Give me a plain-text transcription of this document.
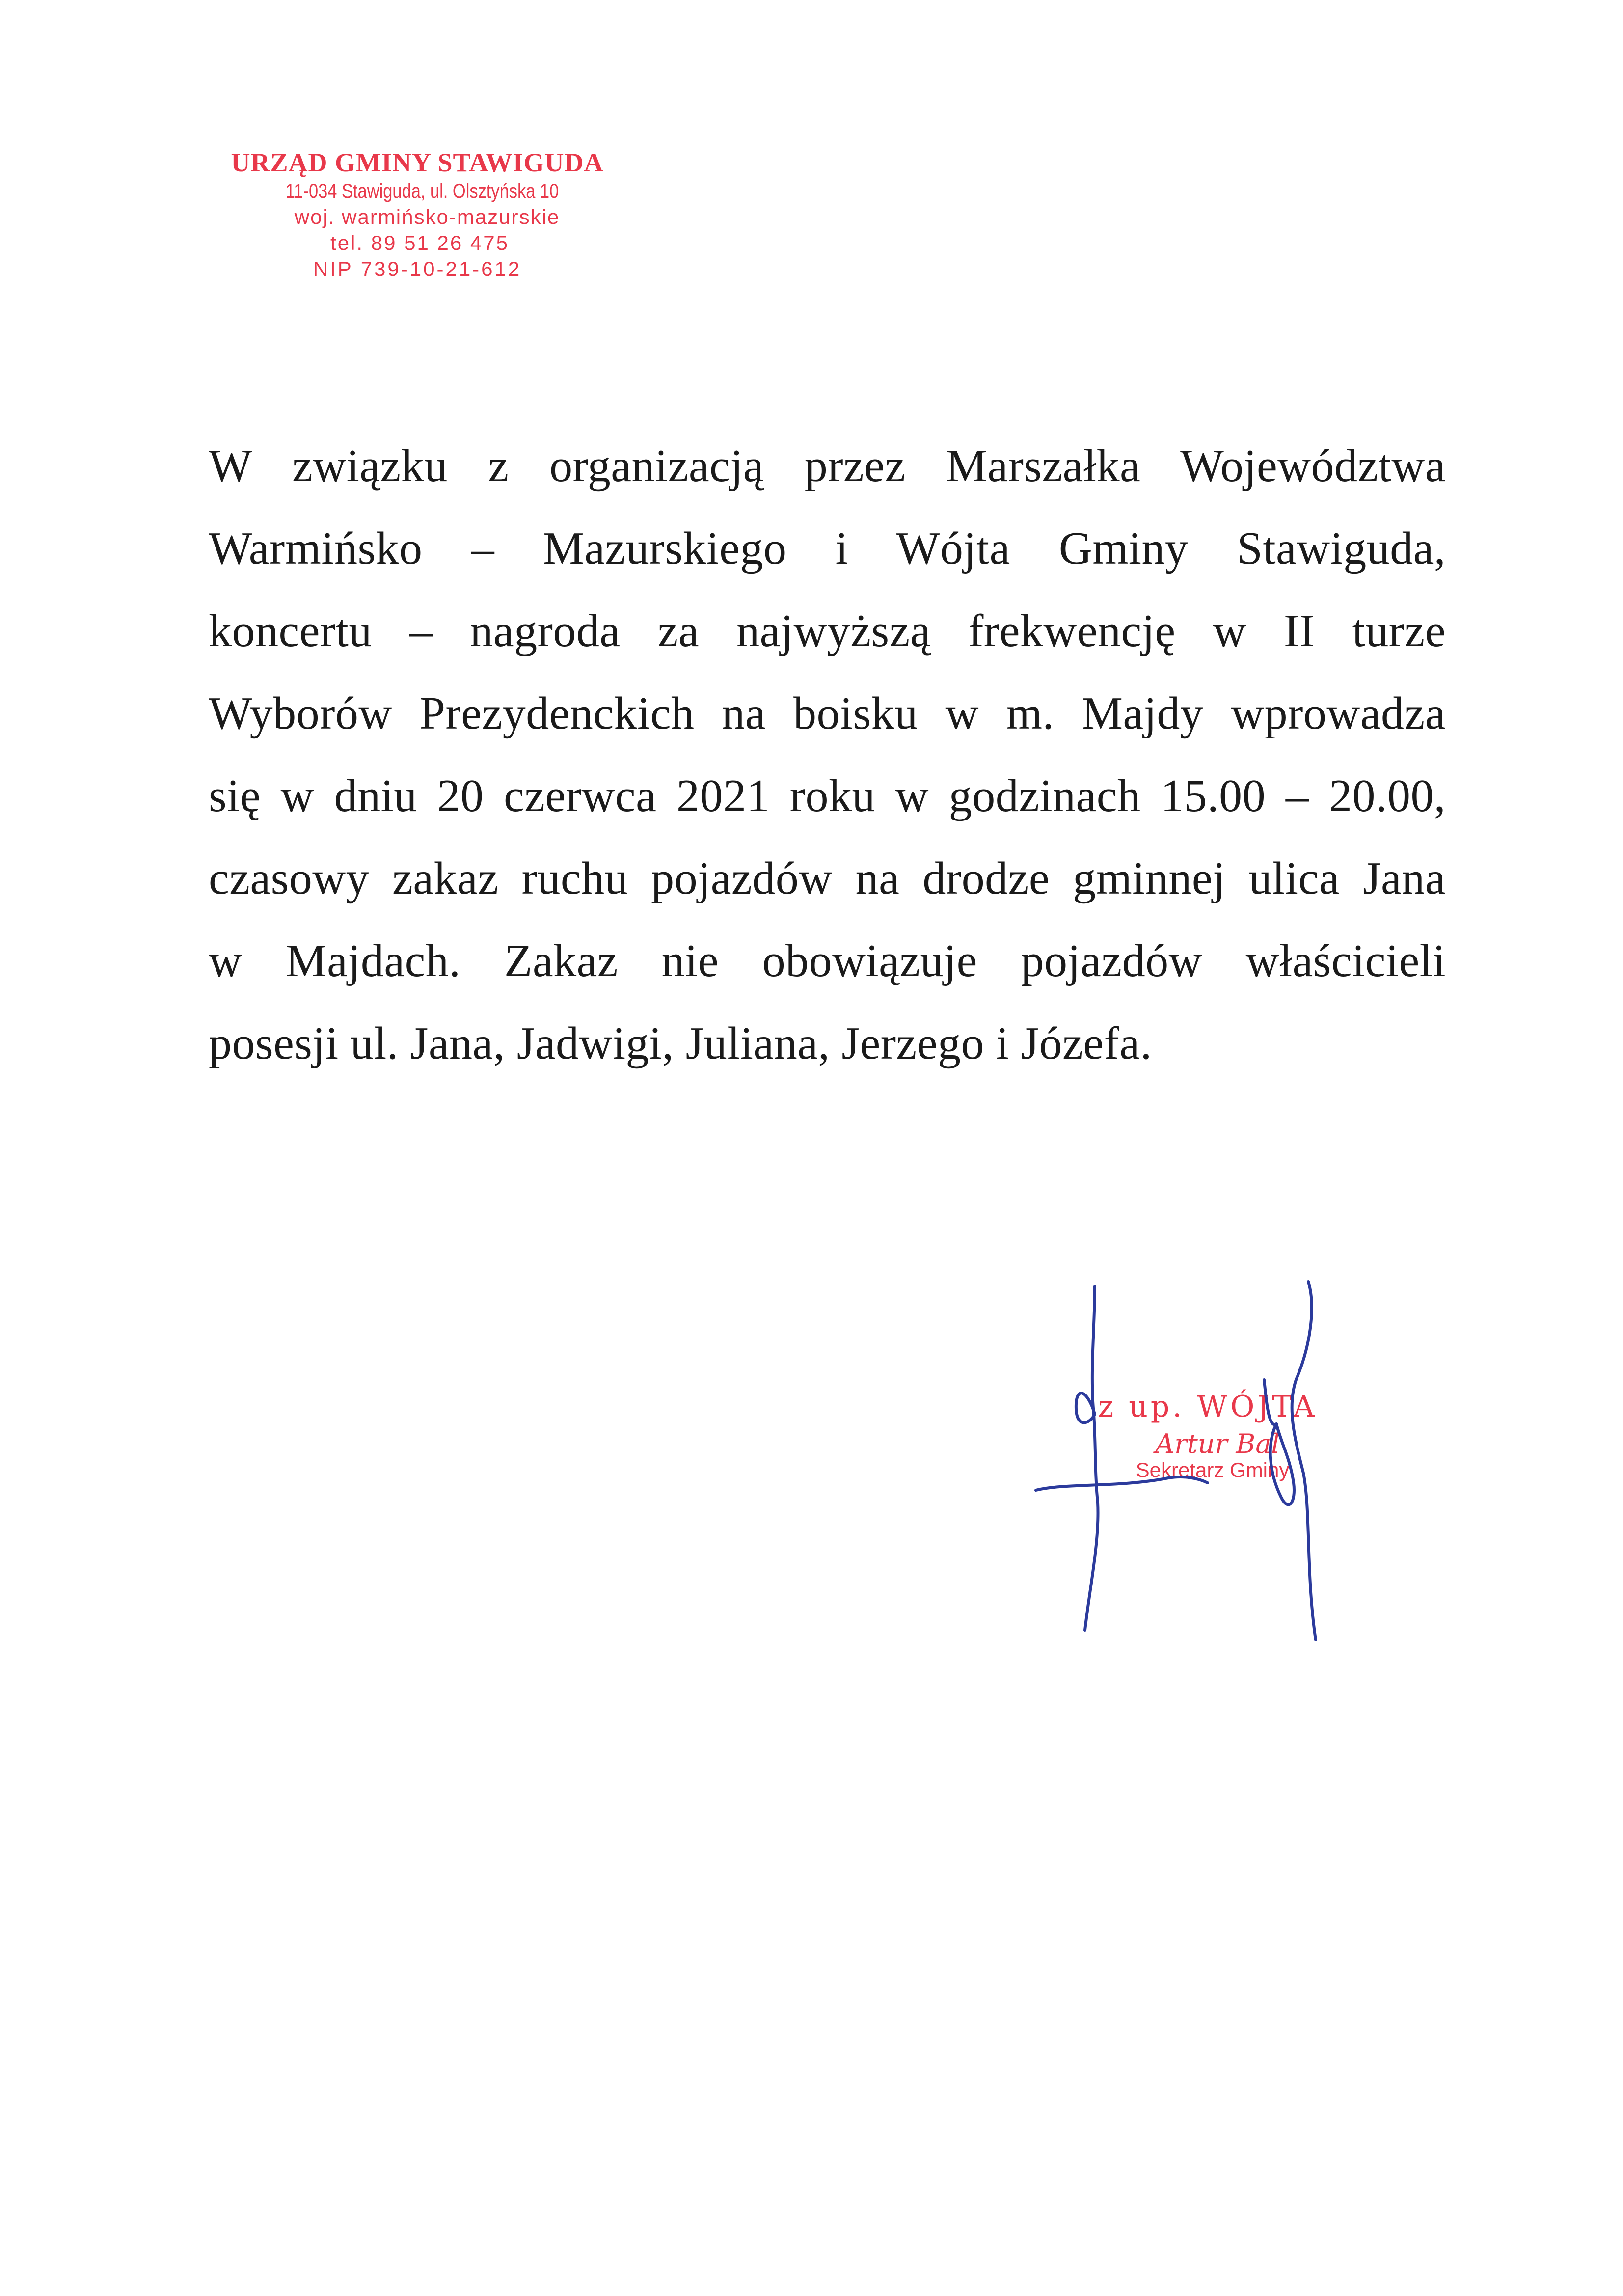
URZĄD GMINY STAWIGUDA
11-034 Stawiguda, ul. Olsztyńska 10
woj. warmińsko-mazurskie
tel. 89 51 26 475
NIP 739-10-21-612
W związku z organizacją przez Marszałka Województwa
Warmińsko – Mazurskiego i Wójta Gminy Stawiguda,
koncertu – nagroda za najwyższą frekwencję w II turze
Wyborów Prezydenckich na boisku w m. Majdy wprowadza
się w dniu 20 czerwca 2021 roku w godzinach 15.00 – 20.00,
czasowy zakaz ruchu pojazdów na drodze gminnej ulica Jana
w Majdach. Zakaz nie obowiązuje pojazdów właścicieli
posesji ul. Jana, Jadwigi, Juliana, Jerzego i Józefa.
z up. WÓJTA
Artur Bal
Sekretarz Gminy
